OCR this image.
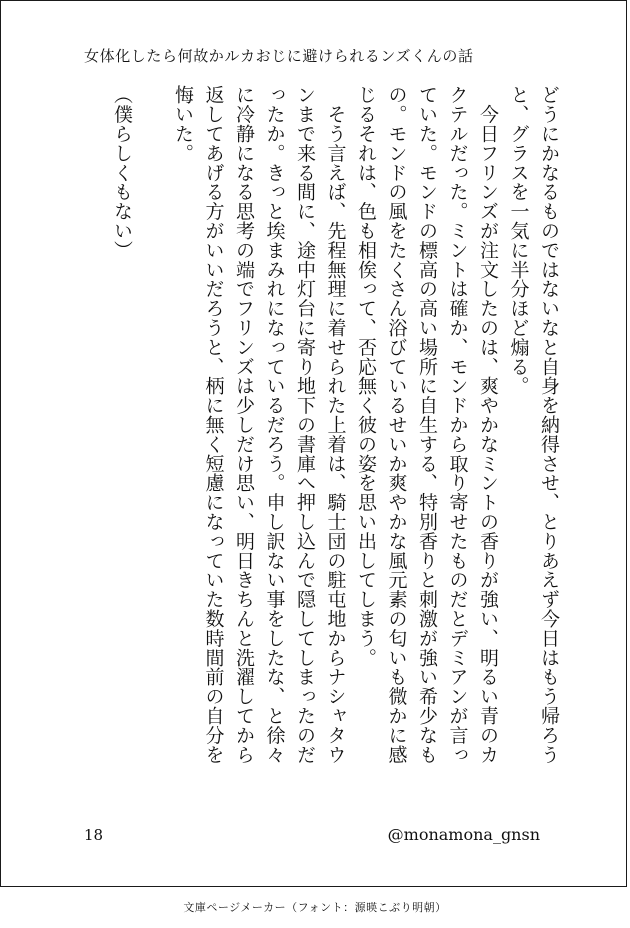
女体化したら何故かルカおじに避けられるンズくんの話

どうにかなるものではないなと自身を納得させ、とりあえず今日はもう帰ろうと、グラスを一気に半分ほど煽る。

　今日フリンズが注文したのは、爽やかなミントの香りが強い、明るい青のカクテルだった。ミントは確か、モンドから取り寄せたものだとデミアンが言っていた。モンドの標高の高い場所に自生する、特別香りと刺激が強い希少なもの。モンドの風をたくさん浴びているせいか爽やかな風元素の匂いも微かに感じるそれは、色も相俟って、否応無く彼の姿を思い出してしまう。

　そう言えば、先程無理に着せられた上着は、騎士団の駐屯地からナシャタウンまで来る間に、途中灯台に寄り地下の書庫へ押し込んで隠してしまったのだったか。きっと埃まみれになっているだろう。申し訳ない事をしたな、と徐々に冷静になる思考の端でフリンズは少しだけ思い、明日きちんと洗濯してから返してあげる方がいいだろうと、柄に無く短慮になっていた数時間前の自分を悔いた。

（僕らしくもない）

18	@monamona_gnsn
文庫ページメーカー（フォント：源暎こぶり明朝）
